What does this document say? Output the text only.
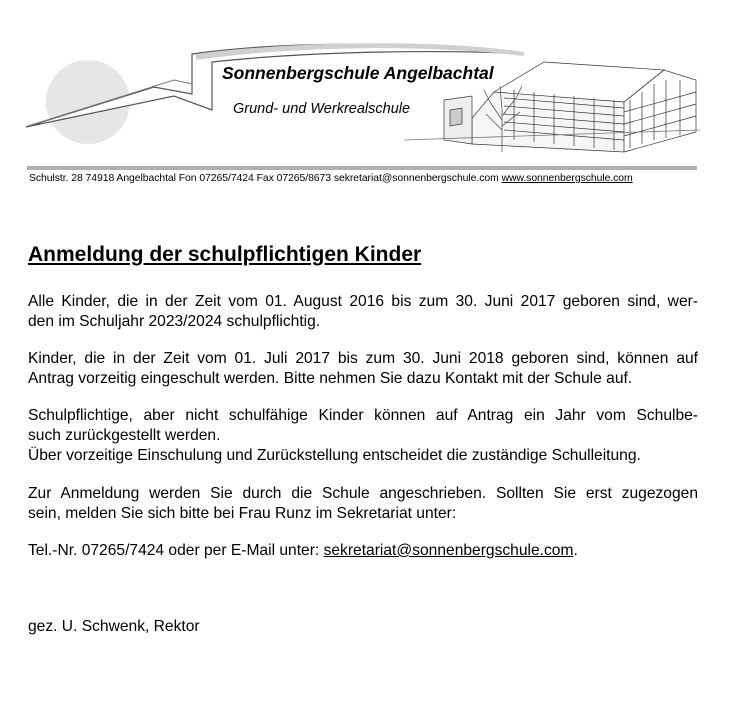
Sonnenbergschule Angelbachtal
Grund- und Werkrealschule
Schulstr. 28 74918 Angelbachtal Fon 07265/7424 Fax 07265/8673 sekretariat@sonnenbergschule.com www.sonnenbergschule.com
Anmeldung der schulpflichtigen Kinder
Alle Kinder, die in der Zeit vom 01. August 2016 bis zum 30. Juni 2017 geboren sind, wer-
den im Schuljahr 2023/2024 schulpflichtig.
Kinder, die in der Zeit vom 01. Juli 2017 bis zum 30. Juni 2018 geboren sind, können auf
Antrag vorzeitig eingeschult werden. Bitte nehmen Sie dazu Kontakt mit der Schule auf.
Schulpflichtige, aber nicht schulfähige Kinder können auf Antrag ein Jahr vom Schulbe-
such zurückgestellt werden.
Über vorzeitige Einschulung und Zurückstellung entscheidet die zuständige Schulleitung.
Zur Anmeldung werden Sie durch die Schule angeschrieben. Sollten Sie erst zugezogen
sein, melden Sie sich bitte bei Frau Runz im Sekretariat unter:
Tel.-Nr. 07265/7424 oder per E-Mail unter: sekretariat@sonnenbergschule.com.
gez. U. Schwenk, Rektor
